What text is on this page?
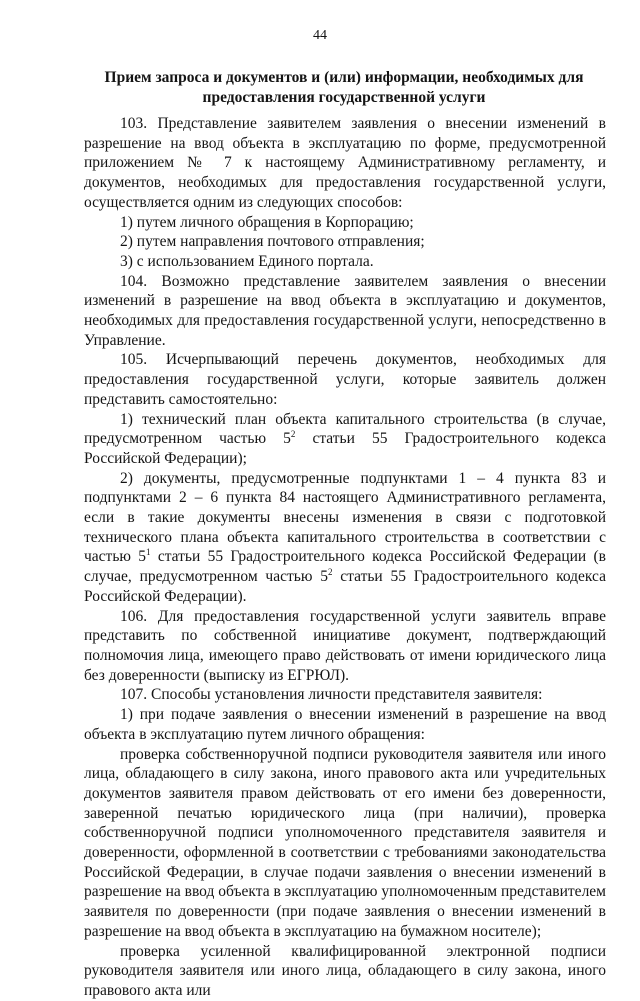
44
Прием запроса и документов и (или) информации, необходимых для предоставления государственной услуги

103. Представление заявителем заявления о внесении изменений в разрешение на ввод объекта в эксплуатацию по форме, предусмотренной приложением № 7 к настоящему Административному регламенту, и документов, необходимых для предоставления государственной услуги, осуществляется одним из следующих способов:

1) путем личного обращения в Корпорацию;

2) путем направления почтового отправления;

3) с использованием Единого портала.

104. Возможно представление заявителем заявления о внесении изменений в разрешение на ввод объекта в эксплуатацию и документов, необходимых для предоставления государственной услуги, непосредственно в Управление.

105. Исчерпывающий перечень документов, необходимых для предоставления государственной услуги, которые заявитель должен представить самостоятельно:

1) технический план объекта капитального строительства (в случае, предусмотренном частью $5^2$ статьи 55 Градостроительного кодекса Российской Федерации);

2) документы, предусмотренные подпунктами 1 – 4 пункта 83 и подпунктами 2 – 6 пункта 84 настоящего Административного регламента, если в такие документы внесены изменения в связи с подготовкой технического плана объекта капитального строительства в соответствии с частью $5^1$ статьи 55 Градостроительного кодекса Российской Федерации (в случае, предусмотренном частью $5^2$ статьи 55 Градостроительного кодекса Российской Федерации).

106. Для предоставления государственной услуги заявитель вправе представить по собственной инициативе документ, подтверждающий полномочия лица, имеющего право действовать от имени юридического лица без доверенности (выписку из ЕГРЮЛ).

107. Способы установления личности представителя заявителя:

1) при подаче заявления о внесении изменений в разрешение на ввод объекта в эксплуатацию путем личного обращения:

проверка собственноручной подписи руководителя заявителя или иного лица, обладающего в силу закона, иного правового акта или учредительных документов заявителя правом действовать от его имени без доверенности, заверенной печатью юридического лица (при наличии), проверка собственноручной подписи уполномоченного представителя заявителя и доверенности, оформленной в соответствии с требованиями законодательства Российской Федерации, в случае подачи заявления о внесении изменений в разрешение на ввод объекта в эксплуатацию уполномоченным представителем заявителя по доверенности (при подаче заявления о внесении изменений в разрешение на ввод объекта в эксплуатацию на бумажном носителе);

проверка усиленной квалифицированной электронной подписи руководителя заявителя или иного лица, обладающего в силу закона, иного правового акта или
